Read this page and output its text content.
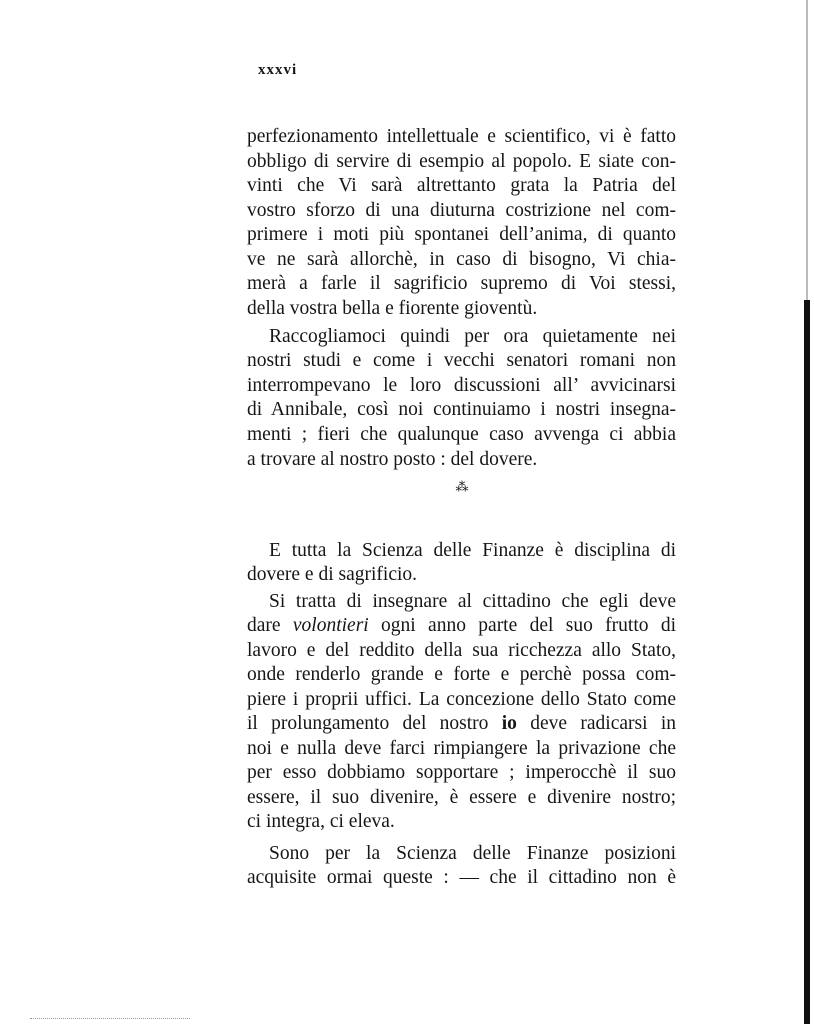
xxxvi
⁂
perfezionamento intellettuale e scientifico, vi è fatto
obbligo di servire di esempio al popolo. E siate con-
vinti che Vi sarà altrettanto grata la Patria del
vostro sforzo di una diuturna costrizione nel com-
primere i moti più spontanei dell’anima, di quanto
ve ne sarà allorchè, in caso di bisogno, Vi chia-
merà a farle il sagrificio supremo di Voi stessi,
della vostra bella e fiorente gioventù.
Raccogliamoci quindi per ora quietamente nei
nostri studi e come i vecchi senatori romani non
interrompevano le loro discussioni all’ avvicinarsi
di Annibale, così noi continuiamo i nostri insegna-
menti ; fieri che qualunque caso avvenga ci abbia
a trovare al nostro posto : del dovere.
E tutta la Scienza delle Finanze è disciplina di
dovere e di sagrificio.
Si tratta di insegnare al cittadino che egli deve
dare volontieri ogni anno parte del suo frutto di
lavoro e del reddito della sua ricchezza allo Stato,
onde renderlo grande e forte e perchè possa com-
piere i proprii uffici. La concezione dello Stato come
il prolungamento del nostro io deve radicarsi in
noi e nulla deve farci rimpiangere la privazione che
per esso dobbiamo sopportare ; imperocchè il suo
essere, il suo divenire, è essere e divenire nostro;
ci integra, ci eleva.
Sono per la Scienza delle Finanze posizioni
acquisite ormai queste : — che il cittadino non è
